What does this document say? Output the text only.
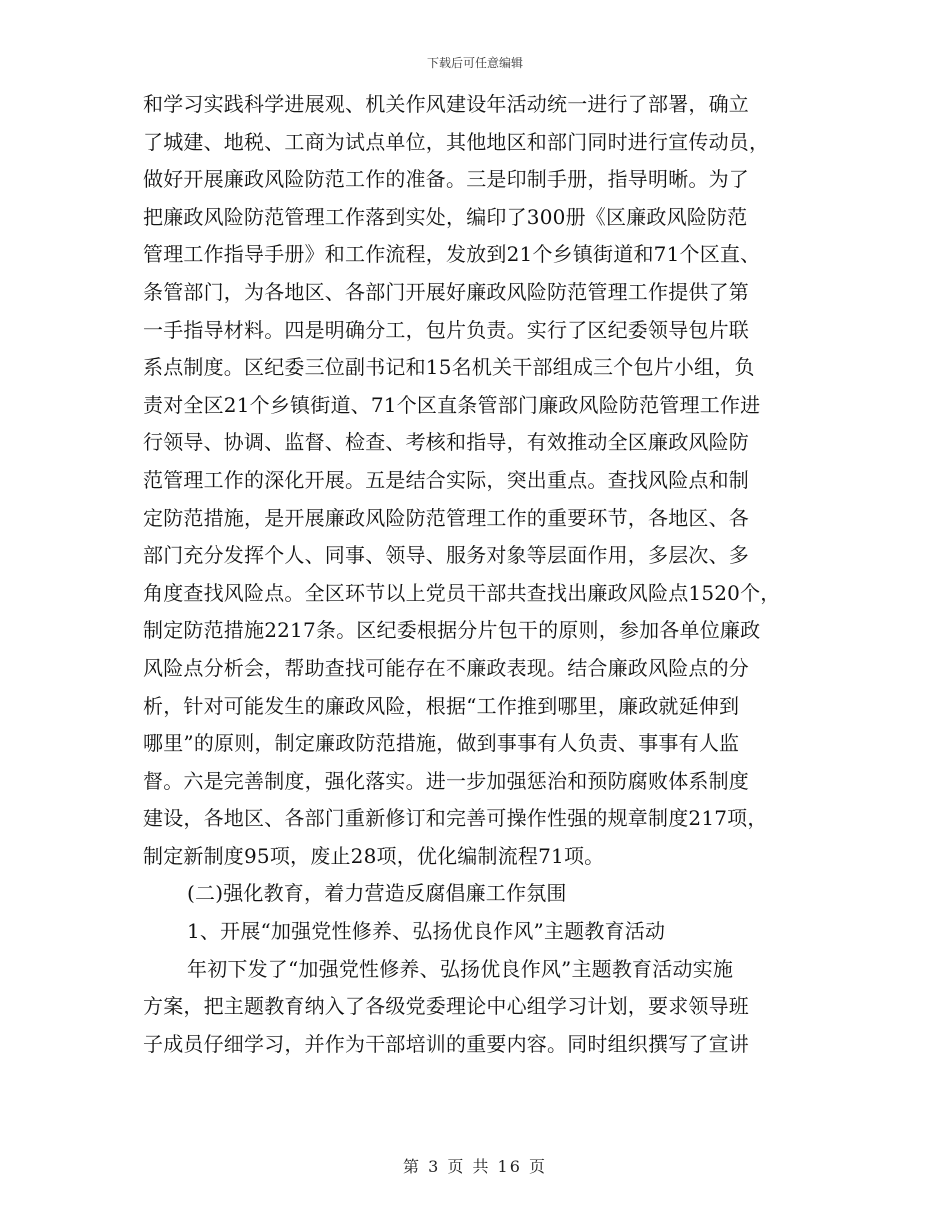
下载后可任意编辑
和学习实践科学进展观、机关作风建设年活动统一进行了部署，确立
了城建、地税、工商为试点单位，其他地区和部门同时进行宣传动员，
做好开展廉政风险防范工作的准备。三是印制手册，指导明晰。为了
把廉政风险防范管理工作落到实处，编印了300册《区廉政风险防范
管理工作指导手册》和工作流程，发放到21个乡镇街道和71个区直、
条管部门，为各地区、各部门开展好廉政风险防范管理工作提供了第
一手指导材料。四是明确分工，包片负责。实行了区纪委领导包片联
系点制度。区纪委三位副书记和15名机关干部组成三个包片小组，负
责对全区21个乡镇街道、71个区直条管部门廉政风险防范管理工作进
行领导、协调、监督、检查、考核和指导，有效推动全区廉政风险防
范管理工作的深化开展。五是结合实际，突出重点。查找风险点和制
定防范措施，是开展廉政风险防范管理工作的重要环节，各地区、各
部门充分发挥个人、同事、领导、服务对象等层面作用，多层次、多
角度查找风险点。全区环节以上党员干部共查找出廉政风险点1520个，
制定防范措施2217条。区纪委根据分片包干的原则，参加各单位廉政
风险点分析会，帮助查找可能存在不廉政表现。结合廉政风险点的分
析，针对可能发生的廉政风险，根据“工作推到哪里，廉政就延伸到
哪里”的原则，制定廉政防范措施，做到事事有人负责、事事有人监
督。六是完善制度，强化落实。进一步加强惩治和预防腐败体系制度
建设，各地区、各部门重新修订和完善可操作性强的规章制度217项，
制定新制度95项，废止28项，优化编制流程71项。
(二)强化教育，着力营造反腐倡廉工作氛围
1、开展“加强党性修养、弘扬优良作风”主题教育活动
年初下发了“加强党性修养、弘扬优良作风”主题教育活动实施
方案，把主题教育纳入了各级党委理论中心组学习计划，要求领导班
子成员仔细学习，并作为干部培训的重要内容。同时组织撰写了宣讲
第 3 页 共 16 页
